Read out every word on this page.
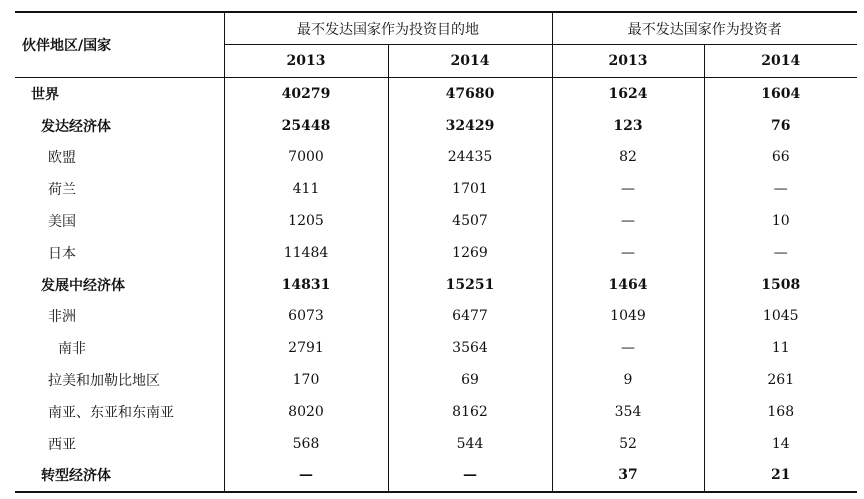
伙伴地区/国家	最不发达国家作为投资目的地		最不发达国家作为投资者	
	2013	2014	2013	2014
世界	40279	47680	1624	1604
发达经济体	25448	32429	123	76
欧盟	7000	24435	82	66
荷兰	411	1701	—	—
美国	1205	4507	—	10
日本	11484	1269	—	—
发展中经济体	14831	15251	1464	1508
非洲	6073	6477	1049	1045
南非	2791	3564	—	11
拉美和加勒比地区	170	69	9	261
南亚、东亚和东南亚	8020	8162	354	168
西亚	568	544	52	14
转型经济体	—	—	37	21
